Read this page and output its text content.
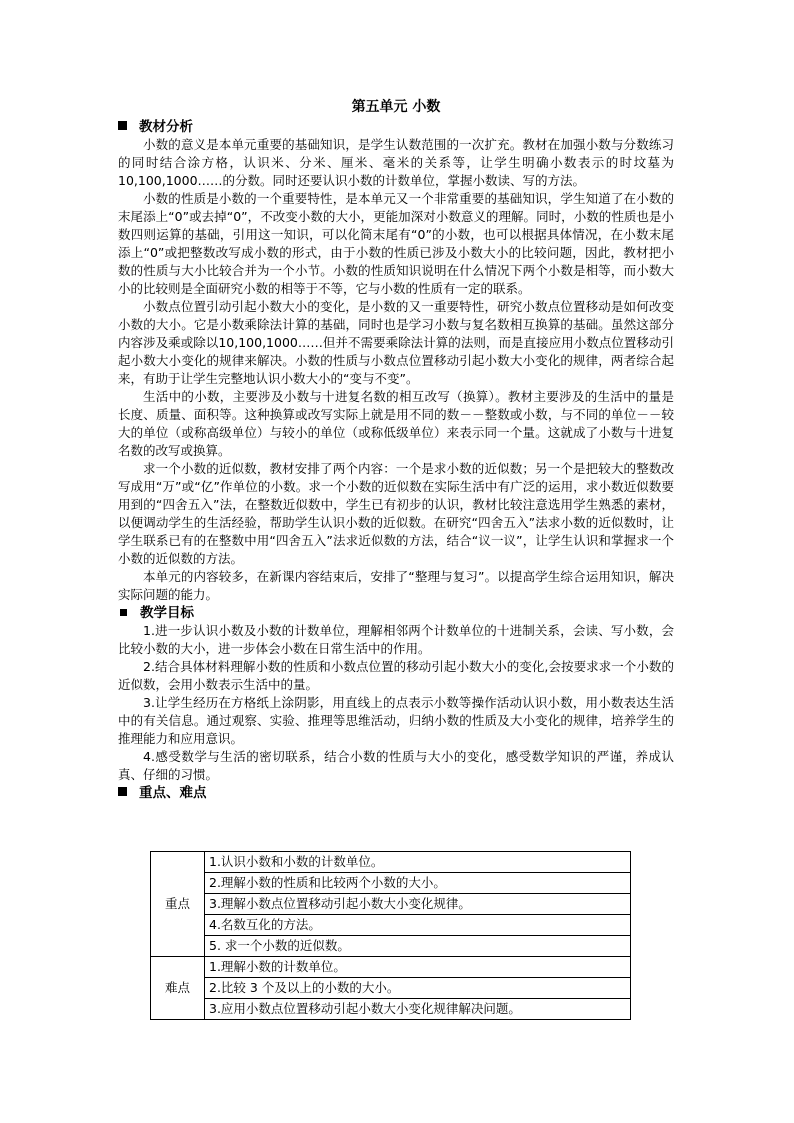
第五单元 小数
教材分析

小数的意义是本单元重要的基础知识，是学生认数范围的一次扩充。教材在加强小数与分数练习的同时结合涂方格，认识米、分米、厘米、毫米的关系等，让学生明确小数表示的时坟墓为10,100,1000……的分数。同时还要认识小数的计数单位，掌握小数读、写的方法。

小数的性质是小数的一个重要特性，是本单元又一个非常重要的基础知识，学生知道了在小数的末尾添上“0”或去掉“0”，不改变小数的大小，更能加深对小数意义的理解。同时，小数的性质也是小数四则运算的基础，引用这一知识，可以化简末尾有“0”的小数，也可以根据具体情况，在小数末尾添上“0”或把整数改写成小数的形式，由于小数的性质已涉及小数大小的比较问题，因此，教材把小数的性质与大小比较合并为一个小节。小数的性质知识说明在什么情况下两个小数是相等，而小数大小的比较则是全面研究小数的相等于不等，它与小数的性质有一定的联系。

小数点位置引动引起小数大小的变化，是小数的又一重要特性，研究小数点位置移动是如何改变小数的大小。它是小数乘除法计算的基础，同时也是学习小数与复名数相互换算的基础。虽然这部分内容涉及乘或除以10,100,1000……但并不需要乘除法计算的法则，而是直接应用小数点位置移动引起小数大小变化的规律来解决。小数的性质与小数点位置移动引起小数大小变化的规律，两者综合起来，有助于让学生完整地认识小数大小的“变与不变”。

生活中的小数，主要涉及小数与十进复名数的相互改写（换算）。教材主要涉及的生活中的量是长度、质量、面积等。这种换算或改写实际上就是用不同的数－－整数或小数，与不同的单位－－较大的单位（或称高级单位）与较小的单位（或称低级单位）来表示同一个量。这就成了小数与十进复名数的改写或换算。

求一个小数的近似数，教材安排了两个内容：一个是求小数的近似数；另一个是把较大的整数改写成用“万”或“亿”作单位的小数。求一个小数的近似数在实际生活中有广泛的运用，求小数近似数要用到的“四舍五入”法，在整数近似数中，学生已有初步的认识，教材比较注意选用学生熟悉的素材，以便调动学生的生活经验，帮助学生认识小数的近似数。在研究“四舍五入”法求小数的近似数时，让学生联系已有的在整数中用“四舍五入”法求近似数的方法，结合“议一议”，让学生认识和掌握求一个小数的近似数的方法。

本单元的内容较多，在新课内容结束后，安排了“整理与复习”。以提高学生综合运用知识，解决实际问题的能力。

教学目标

1.进一步认识小数及小数的计数单位，理解相邻两个计数单位的十进制关系，会读、写小数，会比较小数的大小，进一步体会小数在日常生活中的作用。

2.结合具体材料理解小数的性质和小数点位置的移动引起小数大小的变化,会按要求求一个小数的近似数，会用小数表示生活中的量。

3.让学生经历在方格纸上涂阴影，用直线上的点表示小数等操作活动认识小数，用小数表达生活中的有关信息。通过观察、实验、推理等思维活动，归纳小数的性质及大小变化的规律，培养学生的推理能力和应用意识。

4.感受数学与生活的密切联系，结合小数的性质与大小的变化，感受数学知识的严谨，养成认真、仔细的习惯。

重点、难点
重点	1.认识小数和小数的计数单位。
	2.理解小数的性质和比较两个小数的大小。
	3.理解小数点位置移动引起小数大小变化规律。
	4.名数互化的方法。
	5. 求一个小数的近似数。
难点	1.理解小数的计数单位。
	2.比较 3 个及以上的小数的大小。
	3.应用小数点位置移动引起小数大小变化规律解决问题。
